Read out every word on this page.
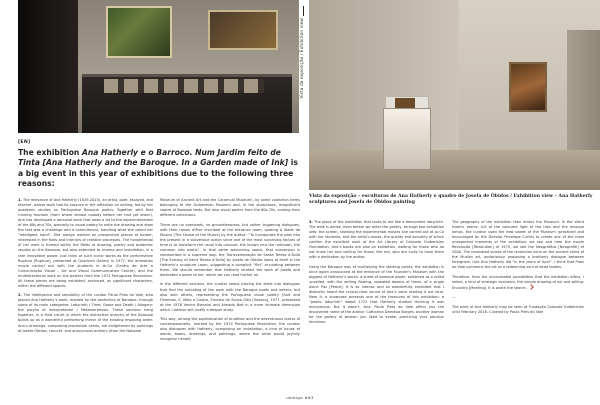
Vista da exposição / Exhibition view
Vista da exposição – esculturas de Ana Hatherly e quadro de Josefa de Óbidos / Exhibition view – Ana Hatherly sculptures and Josefa de Óbidos painting
[EN]
The exhibition Ana Hatherly e o Barroco. Num Jardim feito de Tinta [Ana Hatherly and the Baroque. In a Garden made of Ink] is a big event in this year of exhibitions due to the following three reasons:

1. The relevance of Ana Hatherly (1929-2015), an artist, poet, essayist, and teacher, whose work had its essence in the reflection on writing, fed by her academic studies on Portuguese Baroque poetry. Together with that running fountain (from where almost nobody before her had yet drank), Ana has developed a personal work that owes a lot to the experimentalism of the 60s and 70s, specially to visual poetry to write the drawing and draw the text was a challenge and a commitment, handling what she called her “Intelligent hand”. She always worked on prospective places of border, interested in the folds and interiors of creative processes. The fundamental of her work is framed within the fields of drawing, poetry and academic studies on the Baroque, but also extended to cinema and installation, in a rare innovative power. Just think of such iconic works as the performance Ruptura [Rupture], presented at Quadrum Gallery in 1977, the animation movie carried out with the students in Ar.Co (Centro de Arte e Comunicação Visual – Art and Visual Communication Centre), and the multidirectional work on the posters from the 1974 Portuguese Revolution. All these pieces are being exhibited, anchored, as significant characters, within the different spaces.

2. The intelligence and sensibility of the curator Paulo Pires do Vale, who placed Ana Hatherly’s work, marked by the aesthetics of Baroque, through some of its main categories: Labyrinth / Time; Game and Death / Allegory: the playful of interpretation / Metamorphosis. These sections hang together, in a fluid circuit in which the distinctive anarchy of the Baroque builds up as a wonderful performing mirror of the existing imposing order. Ana’s drawings, composing procedural series, are enlightened by paintings of Josefa Óbidos, Lancret, and anonymous authors (from the National

Museum of Ancient Art and the Caramulo Museum), by some collection items belonging to the Gulbenkian Museum and, in the showcases, magnificent copies of Baroque texts. But also visual poetry from the 60s-70s, coming from different collections.

There are no overloads, no groundlessness, but rather triggering dialogues, with their raison d’être inscribed at the entrance room, quoting A Idade da Musica [The House of the Muses] by the author: “To incorporate the past into the present in a subversive action since one of the most surprising factors of time is to transform the usual into unusual, the known into the unknown, the common into exotic”. In that same welcoming space, that subversion is represented in a supreme way: the Transverberação de Santa Teresa d’Ávila [The Ecstasy of Saint Teresa d’Ávila] by Josefa de Óbidos looks at itself in the Hatherly’s sculpture Loom, suggesting a complicit “flirt” circulating between them. We should remember that Hatherly studied the work of Josefa and dedicated a poem to her, which we can read further on.

In the different sections, the curator keeps placing the artist into dialogues that find the unfolding of the work with the Baroque poets and writers, but also with others, representing the Portuguese visual poetry (Salt and Fivemost, E. Melo e Castro, Ernesto de Sousa Góis [Sovaco], 1977, presented at the 1978 Venice Biennial and Almada Noé in a more intimate dimension which I believe will justify a deeper study.

This way, among the sophistication of erudition and the adventurous tracks of contemporaneity, marked by the 1974 Portuguese Revolution, the curator also dialogues with Hatherly, composing an installation, a kind of house of words, books, drawings, and paintings, where the artist would joyfully recognise herself.

3. The place of the exhibition that looks to me like a benevolent labyrinth. The walk is dense, even before we enter the gallery, through two exhibition sets: the screen, showing the experimental movies she carried out at Ar.Co with her students, and the artist’s books, the quality and actuality of which confirm the excellent work of the Art Library of Calouste Gulbenkian Foundation. Ana’s books are also on exhibition, waiting for those who do not know her and smiling for those, like me, who are lucky to have them with a dedication by the author.

Using the Baroque way of multiplying the starting points, the exhibition is once again announced at the entrance of the Founder’s Museum with the biggest of Hatherly’s works: a sheet of baroque paper, exhibited as a rolled unveiled, with the writing flowing, repeated dozens of times, of a single word: Paz [Peace]. It is so intense and so wonderfully exhibited that I distinctly heard the crystal-clear sound of Ana’s voice reading it out loud. Near it, a showcase presents one of the treasures of this exhibition: a “poetic labyrinth” dated 1722 that Hatherly studied thinking it was anonymous. But it wasn’t, Ana. Paulo Pires do Vale offers you the discovered name of the author: Catharina Damásia Borges, another woman for the gallery of women you liked to evoke, practicing your peculiar feminism.

The geography of the exhibition then enters the Museum. In the silent Islamic rooms, full of the coloured light of the tiles and the mosque lamps, the curator used the new sweet of the Museum (practiced and encouraged by the Director Penelope Curtis) to create one of the most unexpected moments of the exhibition: we see and hear the movie Revolução [Revolution] of 1975, we see the Neografitos [Neografiti] of 2000. The renovated voices of the revolution echo on the ancient shine of the Muslim art, audaciously proposing a brotherly dialogue between foreigners. Like Ana Hatherly did “in the years of April”. I think that Pires do Vale summons the art as a redeeming soul of dead bodies.

Therefore, from the uncountable possibilities that the exhibition offers, I select, a kind of strategic evolution, the simple drawing of ink and willing: Encontro [Meeting]. It is worth the search.

—

The work of Ana Hatherly may be seen at Fundação Calouste Gulbenkian until February 2018. Curated by Paulo Pires do Vale

umbigo #63
